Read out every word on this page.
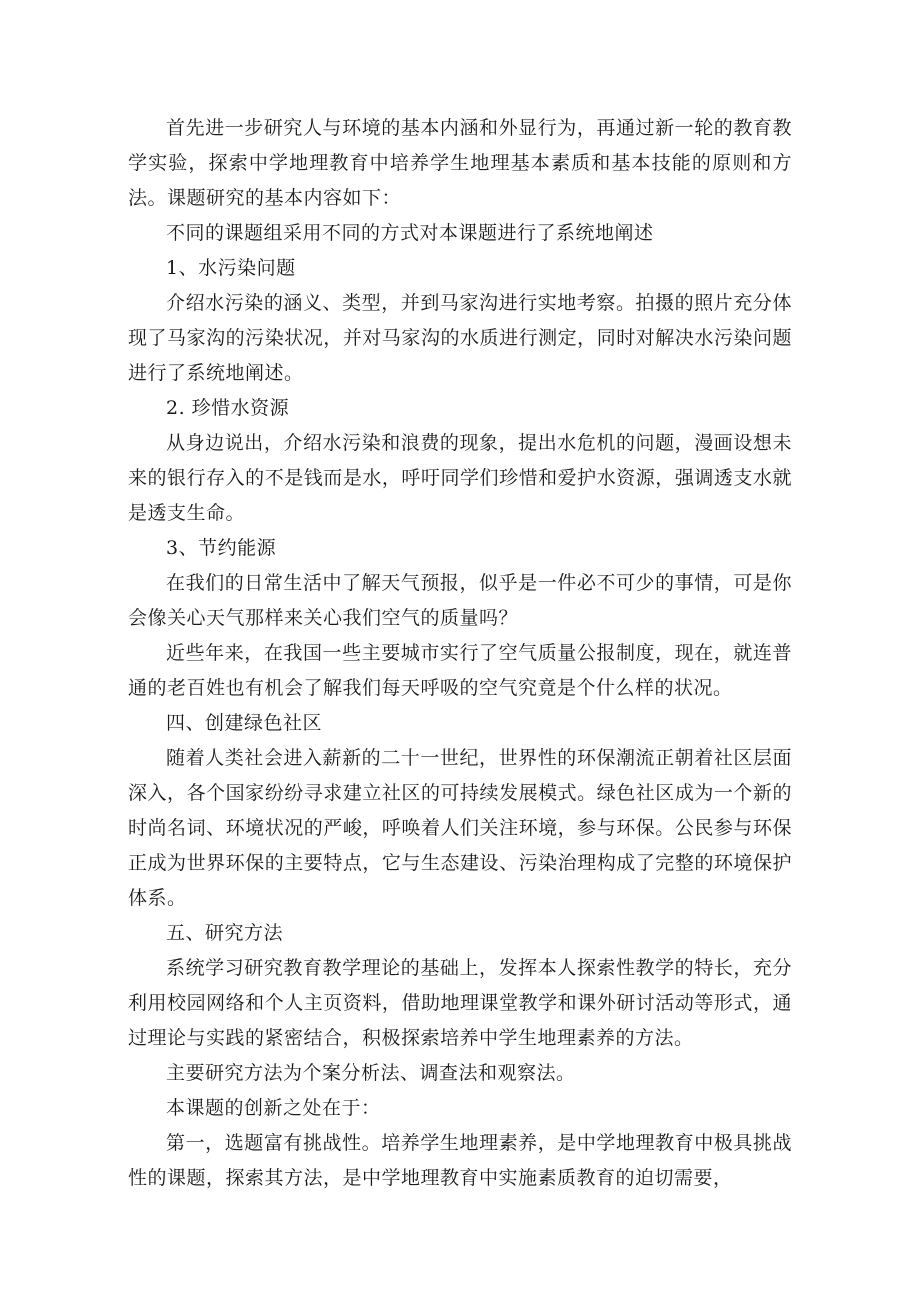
首先进一步研究人与环境的基本内涵和外显行为，再通过新一轮的教育教学实验，探索中学地理教育中培养学生地理基本素质和基本技能的原则和方法。课题研究的基本内容如下：

不同的课题组采用不同的方式对本课题进行了系统地阐述

1、水污染问题

介绍水污染的涵义、类型，并到马家沟进行实地考察。拍摄的照片充分体现了马家沟的污染状况，并对马家沟的水质进行测定，同时对解决水污染问题进行了系统地阐述。

2. 珍惜水资源

从身边说出，介绍水污染和浪费的现象，提出水危机的问题，漫画设想未来的银行存入的不是钱而是水，呼吁同学们珍惜和爱护水资源，强调透支水就是透支生命。

3、节约能源

在我们的日常生活中了解天气预报，似乎是一件必不可少的事情，可是你会像关心天气那样来关心我们空气的质量吗？

近些年来，在我国一些主要城市实行了空气质量公报制度，现在，就连普通的老百姓也有机会了解我们每天呼吸的空气究竟是个什么样的状况。

四、创建绿色社区

随着人类社会进入薪新的二十一世纪，世界性的环保潮流正朝着社区层面深入，各个国家纷纷寻求建立社区的可持续发展模式。绿色社区成为一个新的时尚名词、环境状况的严峻，呼唤着人们关注环境，参与环保。公民参与环保正成为世界环保的主要特点，它与生态建设、污染治理构成了完整的环境保护体系。

五、研究方法

系统学习研究教育教学理论的基础上，发挥本人探索性教学的特长，充分利用校园网络和个人主页资料，借助地理课堂教学和课外研讨活动等形式，通过理论与实践的紧密结合，积极探索培养中学生地理素养的方法。

主要研究方法为个案分析法、调查法和观察法。

本课题的创新之处在于：

第一，选题富有挑战性。培养学生地理素养，是中学地理教育中极具挑战性的课题，探索其方法，是中学地理教育中实施素质教育的迫切需要，
